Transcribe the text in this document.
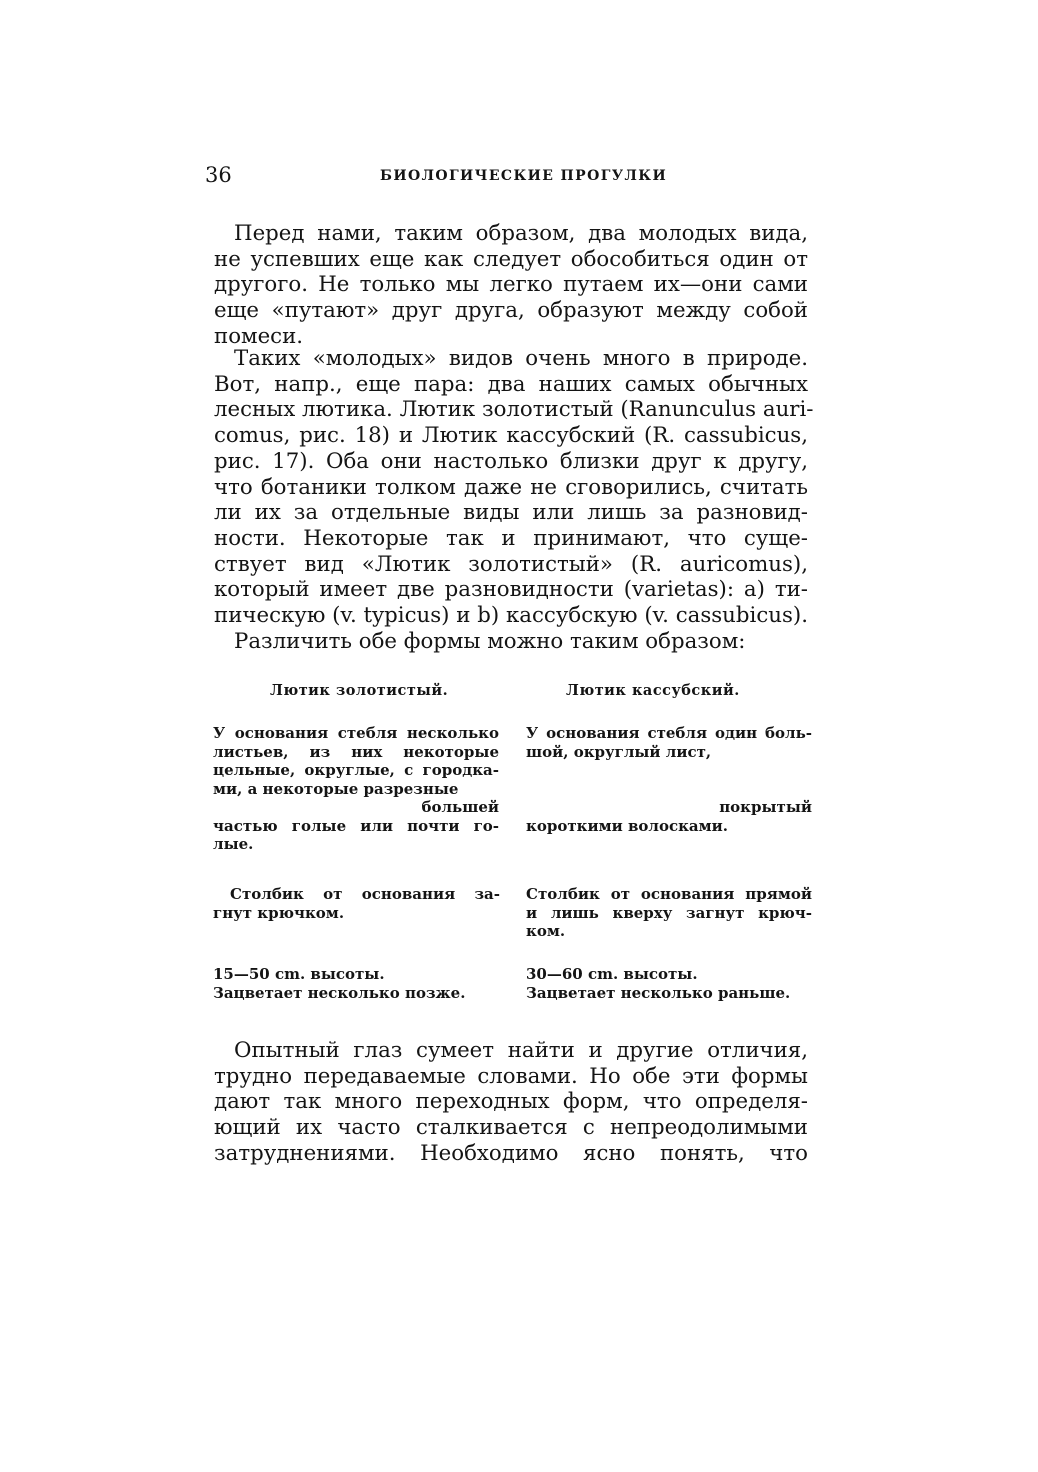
36	БИОЛОГИЧЕСКИЕ ПРОГУЛКИ
Перед нами, таким образом, два молодых вида,
не успевших еще как следует обособиться один от
другого. Не только мы легко путаем их—они сами
еще «путают» друг друга, образуют между собой
помеси.
Таких «молодых» видов очень много в природе.
Вот, напр., еще пара: два наших самых обычных
лесных лютика. Лютик золотистый (Ranunculus auri-
comus, рис. 18) и Лютик кассубский (R. cassubicus,
рис. 17). Оба они настолько близки друг к другу,
что ботаники толком даже не сговорились, считать
ли их за отдельные виды или лишь за разновид-
ности. Некоторые так и принимают, что суще-
ствует вид «Лютик золотистый» (R. auricomus),
который имеет две разновидности (varietas): а) ти-
пическую (v. typicus) и b) кассубскую (v. cassubicus).
Различить обе формы можно таким образом:
Лютик золотистый.	Лютик кассубский.
У основания стебля несколько
листьев, из них некоторые
цельные, округлые, с городка-
ми, а некоторые разрезные
большей
частью голые или почти го-
лые.
У основания стебля один боль-
шой, округлый лист,

покрытый
короткими волосками.
Столбик от основания за-
гнут крючком.
Столбик от основания прямой
и лишь кверху загнут крюч-
ком.
15—50 cm. высоты.
Зацветает несколько позже.
30—60 cm. высоты.
Зацветает несколько раньше.
Опытный глаз сумеет найти и другие отличия,
трудно передаваемые словами. Но обе эти формы
дают так много переходных форм, что определя-
ющий их часто сталкивается с непреодолимыми
затруднениями. Необходимо ясно понять, что
